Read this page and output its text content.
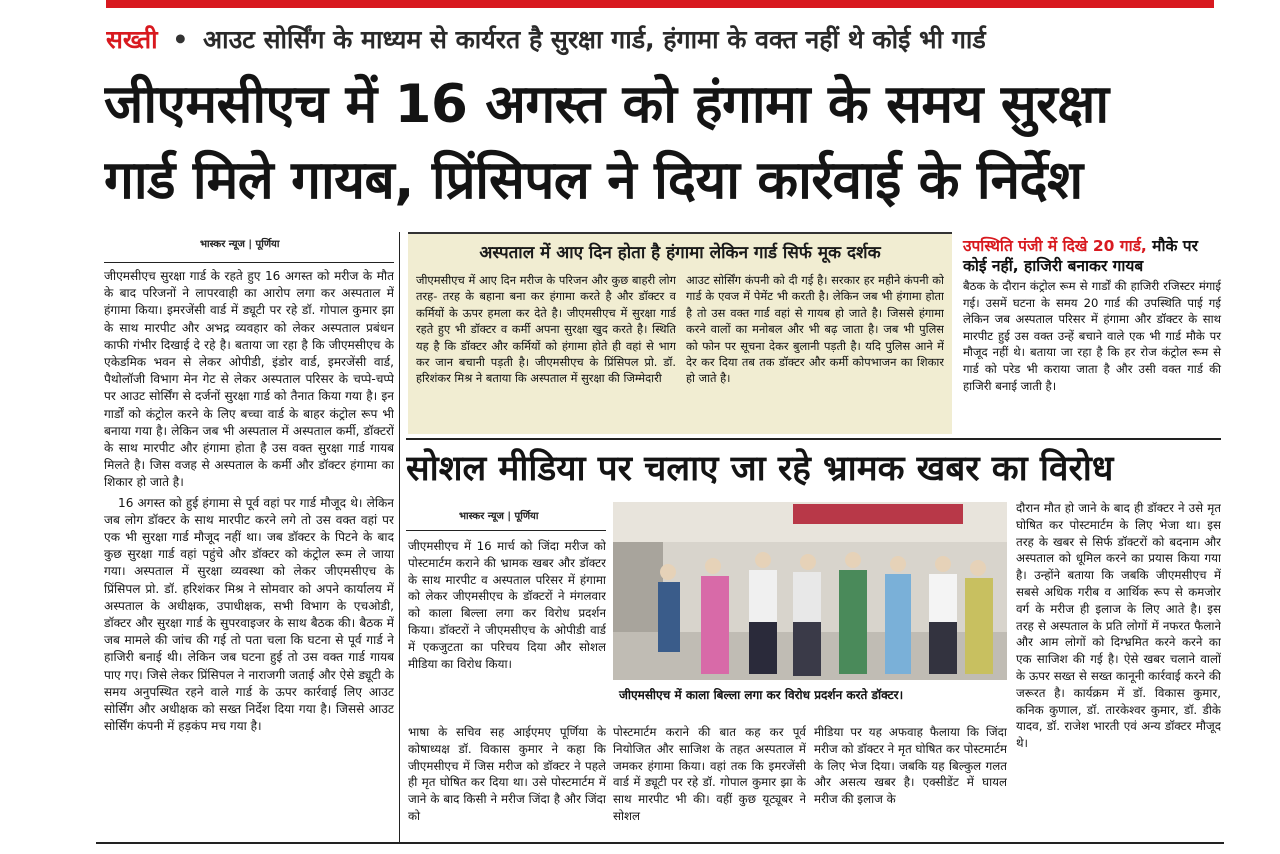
सख्ती • आउट सोर्सिंग के माध्यम से कार्यरत है सुरक्षा गार्ड, हंगामा के वक्त नहीं थे कोई भी गार्ड
जीएमसीएच में 16 अगस्त को हंगामा के समय सुरक्षा
गार्ड मिले गायब, प्रिंसिपल ने दिया कार्रवाई के निर्देश
भास्कर न्यूज | पूर्णिया

जीएमसीएच सुरक्षा गार्ड के रहते हुए 16 अगस्त को मरीज के मौत के बाद परिजनों ने लापरवाही का आरोप लगा कर अस्पताल में हंगामा किया। इमरजेंसी वार्ड में ड्यूटी पर रहे डॉ. गोपाल कुमार झा के साथ मारपीट और अभद्र व्यवहार को लेकर अस्पताल प्रबंधन काफी गंभीर दिखाई दे रहे है। बताया जा रहा है कि जीएमसीएच के एकेडमिक भवन से लेकर ओपीडी, इंडोर वार्ड, इमरजेंसी वार्ड, पैथोलॉजी विभाग मेन गेट से लेकर अस्पताल परिसर के चप्पे-चप्पे पर आउट सोर्सिंग से दर्जनों सुरक्षा गार्ड को तैनात किया गया है। इन गार्डों को कंट्रोल करने के लिए बच्चा वार्ड के बाहर कंट्रोल रूप भी बनाया गया है। लेकिन जब भी अस्पताल में अस्पताल कर्मी, डॉक्टरों के साथ मारपीट और हंगामा होता है उस वक्त सुरक्षा गार्ड गायब मिलते है। जिस वजह से अस्पताल के कर्मी और डॉक्टर हंगामा का शिकार हो जाते है।

16 अगस्त को हुई हंगामा से पूर्व वहां पर गार्ड मौजूद थे। लेकिन जब लोग डॉक्टर के साथ मारपीट करने लगे तो उस वक्त वहां पर एक भी सुरक्षा गार्ड मौजूद नहीं था। जब डॉक्टर के पिटने के बाद कुछ सुरक्षा गार्ड वहां पहुंचे और डॉक्टर को कंट्रोल रूम ले जाया गया। अस्पताल में सुरक्षा व्यवस्था को लेकर जीएमसीएच के प्रिंसिपल प्रो. डॉ. हरिशंकर मिश्र ने सोमवार को अपने कार्यालय में अस्पताल के अधीक्षक, उपाधीक्षक, सभी विभाग के एचओडी, डॉक्टर और सुरक्षा गार्ड के सुपरवाइजर के साथ बैठक की। बैठक में जब मामले की जांच की गई तो पता चला कि घटना से पूर्व गार्ड ने हाजिरी बनाई थी। लेकिन जब घटना हुई तो उस वक्त गार्ड गायब पाए गए। जिसे लेकर प्रिंसिपल ने नाराजगी जताई और ऐसे ड्यूटी के समय अनुपस्थित रहने वाले गार्ड के ऊपर कार्रवाई लिए आउट सोर्सिंग और अधीक्षक को सख्त निर्देश दिया गया है। जिससे आउट सोर्सिंग कंपनी में हड़कंप मच गया है।

अस्पताल में आए दिन होता है हंगामा लेकिन गार्ड सिर्फ मूक दर्शक
जीएमसीएच में आए दिन मरीज के परिजन और कुछ बाहरी लोग तरह- तरह के बहाना बना कर हंगामा करते है और डॉक्टर व कर्मियों के ऊपर हमला कर देते है। जीएमसीएच में सुरक्षा गार्ड रहते हुए भी डॉक्टर व कर्मी अपना सुरक्षा खुद करते है। स्थिति यह है कि डॉक्टर और कर्मियों को हंगामा होते ही वहां से भाग कर जान बचानी पड़ती है। जीएमसीएच के प्रिंसिपल प्रो. डॉ. हरिशंकर मिश्र ने बताया कि अस्पताल में सुरक्षा की जिम्मेदारी
आउट सोर्सिंग कंपनी को दी गई है। सरकार हर महीने कंपनी को गार्ड के एवज में पेमेंट भी करती है। लेकिन जब भी हंगामा होता है तो उस वक्त गार्ड वहां से गायब हो जाते है। जिससे हंगामा करने वालों का मनोबल और भी बढ़ जाता है। जब भी पुलिस को फोन पर सूचना देकर बुलानी पड़ती है। यदि पुलिस आने में देर कर दिया तब तक डॉक्टर और कर्मी कोपभाजन का शिकार हो जाते है।
उपस्थिति पंजी में दिखे 20 गार्ड, मौके पर कोई नहीं, हाजिरी बनाकर गायब
बैठक के दौरान कंट्रोल रूम से गार्डों की हाजिरी रजिस्टर मंगाई गई। उसमें घटना के समय 20 गार्ड की उपस्थिति पाई गई लेकिन जब अस्पताल परिसर में हंगामा और डॉक्टर के साथ मारपीट हुई उस वक्त उन्हें बचाने वाले एक भी गार्ड मौके पर मौजूद नहीं थे। बताया जा रहा है कि हर रोज कंट्रोल रूम से गार्ड को परेड भी कराया जाता है और उसी वक्त गार्ड की हाजिरी बनाई जाती है।
सोशल मीडिया पर चलाए जा रहे भ्रामक खबर का विरोध
भास्कर न्यूज | पूर्णिया
जीएमसीएच में 16 मार्च को जिंदा मरीज को पोस्टमार्टम कराने की भ्रामक खबर और डॉक्टर के साथ मारपीट व अस्पताल परिसर में हंगामा को लेकर जीएमसीएच के डॉक्टरों ने मंगलवार को काला बिल्ला लगा कर विरोध प्रदर्शन किया। डॉक्टरों ने जीएमसीएच के ओपीडी वार्ड में एकजुटता का परिचय दिया और सोशल मीडिया का विरोध किया।
जीएमसीएच में काला बिल्ला लगा कर विरोध प्रदर्शन करते डॉक्टर।
भाषा के सचिव सह आईएमए पूर्णिया के कोषाध्यक्ष डॉ. विकास कुमार ने कहा कि जीएमसीएच में जिस मरीज को डॉक्टर ने पहले ही मृत घोषित कर दिया था। उसे पोस्टमार्टम में जाने के बाद किसी ने मरीज जिंदा है और जिंदा को
पोस्टमार्टम कराने की बात कह कर पूर्व नियोजित और साजिश के तहत अस्पताल में जमकर हंगामा किया। वहां तक कि इमरजेंसी वार्ड में ड्यूटी पर रहे डॉ. गोपाल कुमार झा के साथ मारपीट भी की। वहीं कुछ यूट्यूबर ने सोशल
मीडिया पर यह अफवाह फैलाया कि जिंदा मरीज को डॉक्टर ने मृत घोषित कर पोस्टमार्टम के लिए भेज दिया। जबकि यह बिल्कुल गलत और असत्य खबर है। एक्सीडेंट में घायल मरीज की इलाज के
दौरान मौत हो जाने के बाद ही डॉक्टर ने उसे मृत घोषित कर पोस्टमार्टम के लिए भेजा था। इस तरह के खबर से सिर्फ डॉक्टरों को बदनाम और अस्पताल को धूमिल करने का प्रयास किया गया है। उन्होंने बताया कि जबकि जीएमसीएच में सबसे अधिक गरीब व आर्थिक रूप से कमजोर वर्ग के मरीज ही इलाज के लिए आते है। इस तरह से अस्पताल के प्रति लोगों में नफरत फैलाने और आम लोगों को दिग्भ्रमित करने करने का एक साजिश की गई है। ऐसे खबर चलाने वालों के ऊपर सख्त से सख्त कानूनी कार्रवाई करने की जरूरत है। कार्यक्रम में डॉ. विकास कुमार, कनिक कुणाल, डॉ. तारकेश्वर कुमार, डॉ. डीके यादव, डॉ. राजेश भारती एवं अन्य डॉक्टर मौजूद थे।
